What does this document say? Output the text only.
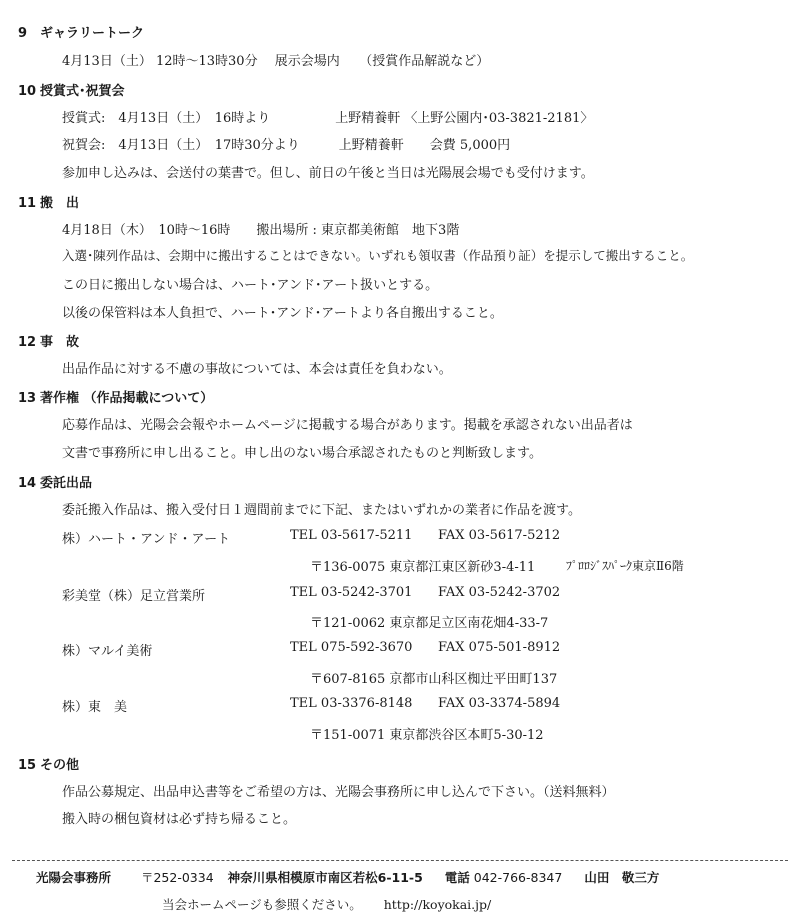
9 ギャラリートーク
4月13日（土） 12時～13時30分　 展示会場内　　（授賞作品解説など）
10 授賞式･祝賀会
授賞式:　4月13日（土）　16時より　　　　　上野精養軒 〈上野公園内･03-3821-2181〉
祝賀会:　4月13日（土）　17時30分より　　　上野精養軒　　会費 5,000円
参加申し込みは、会送付の葉書で。但し、前日の午後と当日は光陽展会場でも受付けます。
11 搬　出
4月18日（木）　10時～16時　　搬出場所 : 東京都美術館　地下3階
入選･陳列作品は、会期中に搬出することはできない。いずれも領収書（作品預り証）を提示して搬出すること。
この日に搬出しない場合は、ハート･アンド･アート扱いとする。
以後の保管料は本人負担で、ハート･アンド･アートより各自搬出すること。
12 事　故
出品作品に対する不慮の事故については、本会は責任を負わない。
13 著作権 （作品掲載について）
応募作品は、光陽会会報やホームページに掲載する場合があります。掲載を承認されない出品者は
文書で事務所に申し出ること。申し出のない場合承認されたものと判断致します。
14 委託出品
委託搬入作品は、搬入受付日１週間前までに下記、またはいずれかの業者に作品を渡す。
株）ハート・アンド・アート	TEL 03-5617-5211 FAX 03-5617-5212
〒136-0075 東京都江東区新砂3-4-11	ﾌﾟﾛﾛｼﾞｽﾊﾟｰｸ東京Ⅱ6階
彩美堂（株）足立営業所	TEL 03-5242-3701 FAX 03-5242-3702
〒121-0062 東京都足立区南花畑4-33-7
株）マルイ美術	TEL 075-592-3670 FAX 075-501-8912
〒607-8165 京都市山科区椥辻平田町137
株）東　美	TEL 03-3376-8148 FAX 03-3374-5894
〒151-0071 東京都渋谷区本町5-30-12
15 その他
作品公募規定、出品申込書等をご希望の方は、光陽会事務所に申し込んで下さい。（送料無料）
搬入時の梱包資材は必ず持ち帰ること。
光陽会事務所 〒252-0334 神奈川県相模原市南区若松6-11-5 電話 042-766-8347 山田　敬三方
当会ホームページも参照ください。 http://koyokai.jp/
